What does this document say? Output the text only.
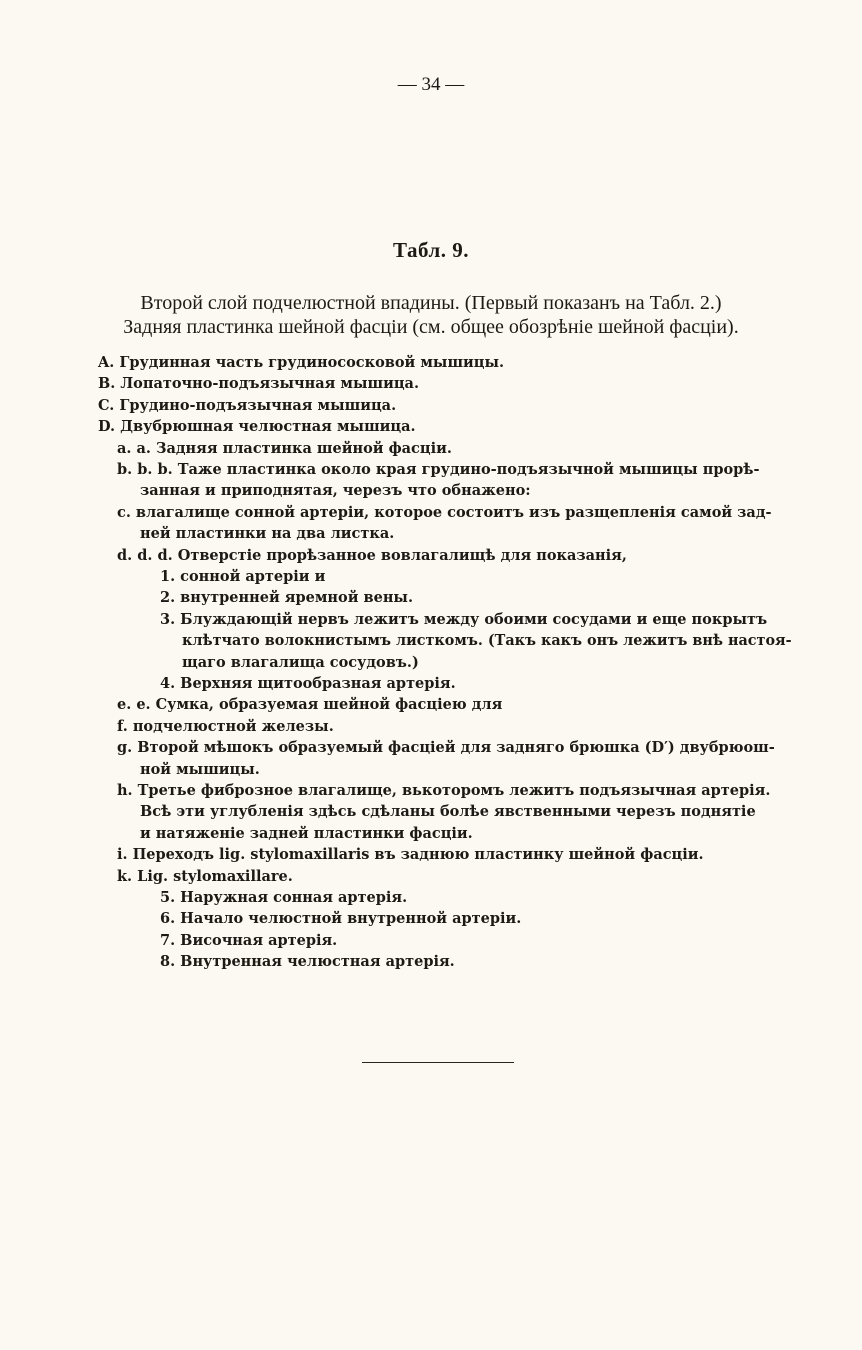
— 34 —
Табл. 9.
Второй слой подчелюстной впадины. (Первый показанъ на Табл. 2.)
Задняя пластинка шейной фасціи (см. общее обозрѣніе шейной фасціи).
A. Грудинная часть грудиноcосковой мышицы.
B. Лопаточно-подъязычная мышица.
C. Грудино-подъязычная мышица.
D. Двубрюшная челюстная мышица.
a. a. Задняя пластинка шейной фасціи.
b. b. b. Таже пластинка около края грудино-подъязычной мышицы прорѣ-
занная и приподнятая, черезъ что обнажено:
c. влагалище сонной артеріи, которое состоитъ изъ разщепленія самой зад-
ней пластинки на два листка.
d. d. d. Отверстіе прорѣзанное вовлагалищѣ для показанія,
1. сонной артеріи и
2. внутренней яремной вены.
3. Блуждающій нервъ лежитъ между обоими сосудами и еще покрытъ
клѣтчато волокнистымъ листкомъ. (Такъ какъ онъ лежитъ внѣ настоя-
щаго влагалища сосудовъ.)
4. Верхняя щитообразная артерія.
e. e. Сумка, образуемая шейной фасціею для
f. подчелюстной железы.
g. Второй мѣшокъ образуемый фасціей для задняго брюшка (D′) двубрюош-
ной мышицы.
h. Третье фиброзное влагалище, вькоторомъ лежитъ подъязычная артерія.
Всѣ эти углубленія здѣсь сдѣланы болѣе явственными черезъ поднятіе
и натяженіе задней пластинки фасціи.
i. Переходъ lig. stylomaxillaris въ заднюю пластинку шейной фасціи.
k. Lig. stylomaxillare.
5. Наружная сонная артерія.
6. Начало челюстной внутренной артеріи.
7. Височная артерія.
8. Внутренная челюстная артерія.
